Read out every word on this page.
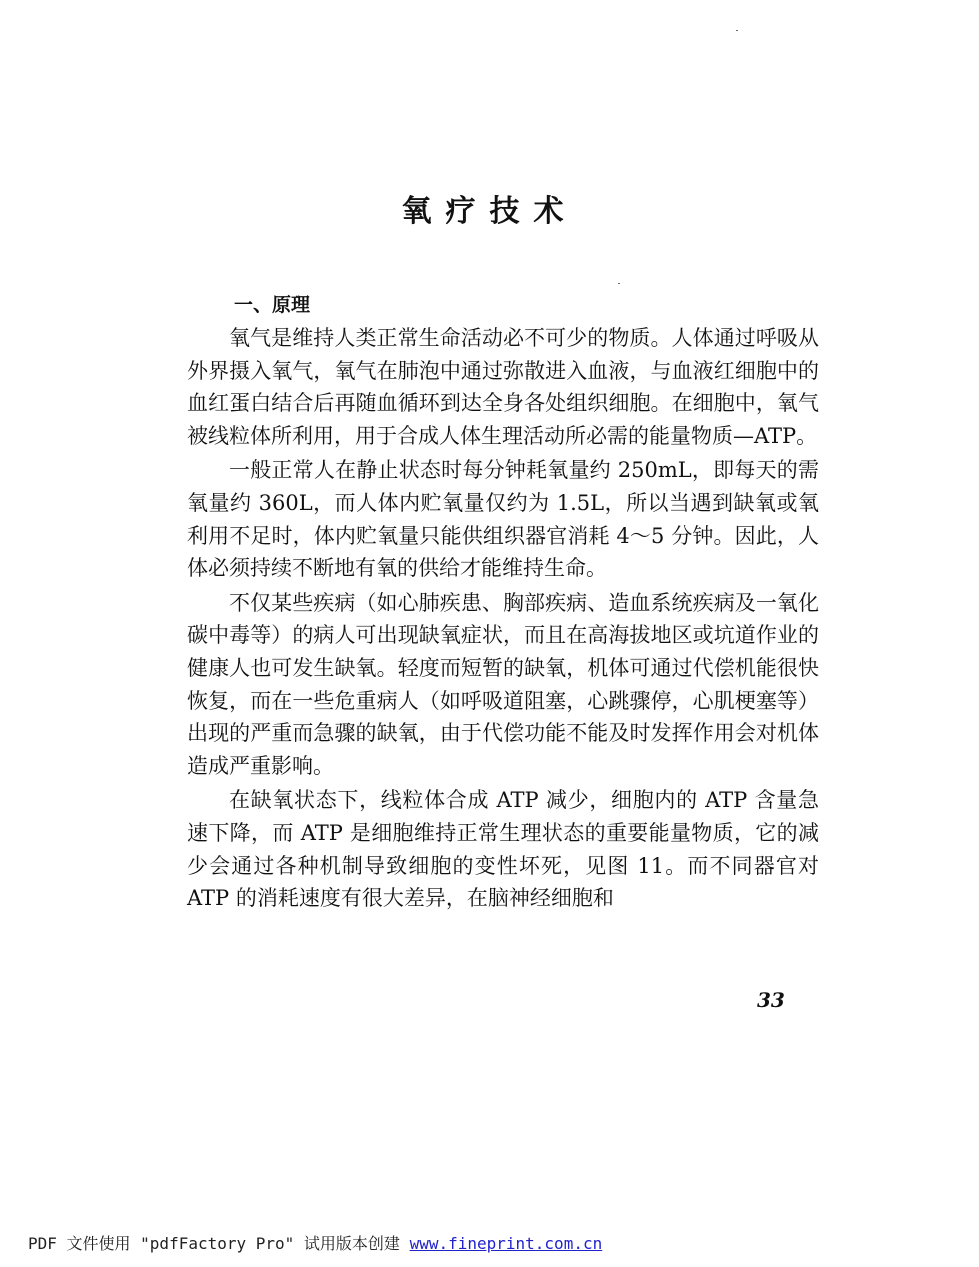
氧疗技术
一、原理

氧气是维持人类正常生命活动必不可少的物质。人体通过呼吸从外界摄入氧气，氧气在肺泡中通过弥散进入血液，与血液红细胞中的血红蛋白结合后再随血循环到达全身各处组织细胞。在细胞中，氧气被线粒体所利用，用于合成人体生理活动所必需的能量物质—ATP。

一般正常人在静止状态时每分钟耗氧量约 250mL，即每天的需氧量约 360L，而人体内贮氧量仅约为 1.5L，所以当遇到缺氧或氧利用不足时，体内贮氧量只能供组织器官消耗 4～5 分钟。因此，人体必须持续不断地有氧的供给才能维持生命。

不仅某些疾病（如心肺疾患、胸部疾病、造血系统疾病及一氧化碳中毒等）的病人可出现缺氧症状，而且在高海拔地区或坑道作业的健康人也可发生缺氧。轻度而短暂的缺氧，机体可通过代偿机能很快恢复，而在一些危重病人（如呼吸道阻塞，心跳骤停，心肌梗塞等）出现的严重而急骤的缺氧，由于代偿功能不能及时发挥作用会对机体造成严重影响。

在缺氧状态下，线粒体合成 ATP 减少，细胞内的 ATP 含量急速下降，而 ATP 是细胞维持正常生理状态的重要能量物质，它的减少会通过各种机制导致细胞的变性坏死，见图 11。而不同器官对 ATP 的消耗速度有很大差异，在脑神经细胞和

33
PDF 文件使用 "pdfFactory Pro" 试用版本创建 www.fineprint.com.cn
